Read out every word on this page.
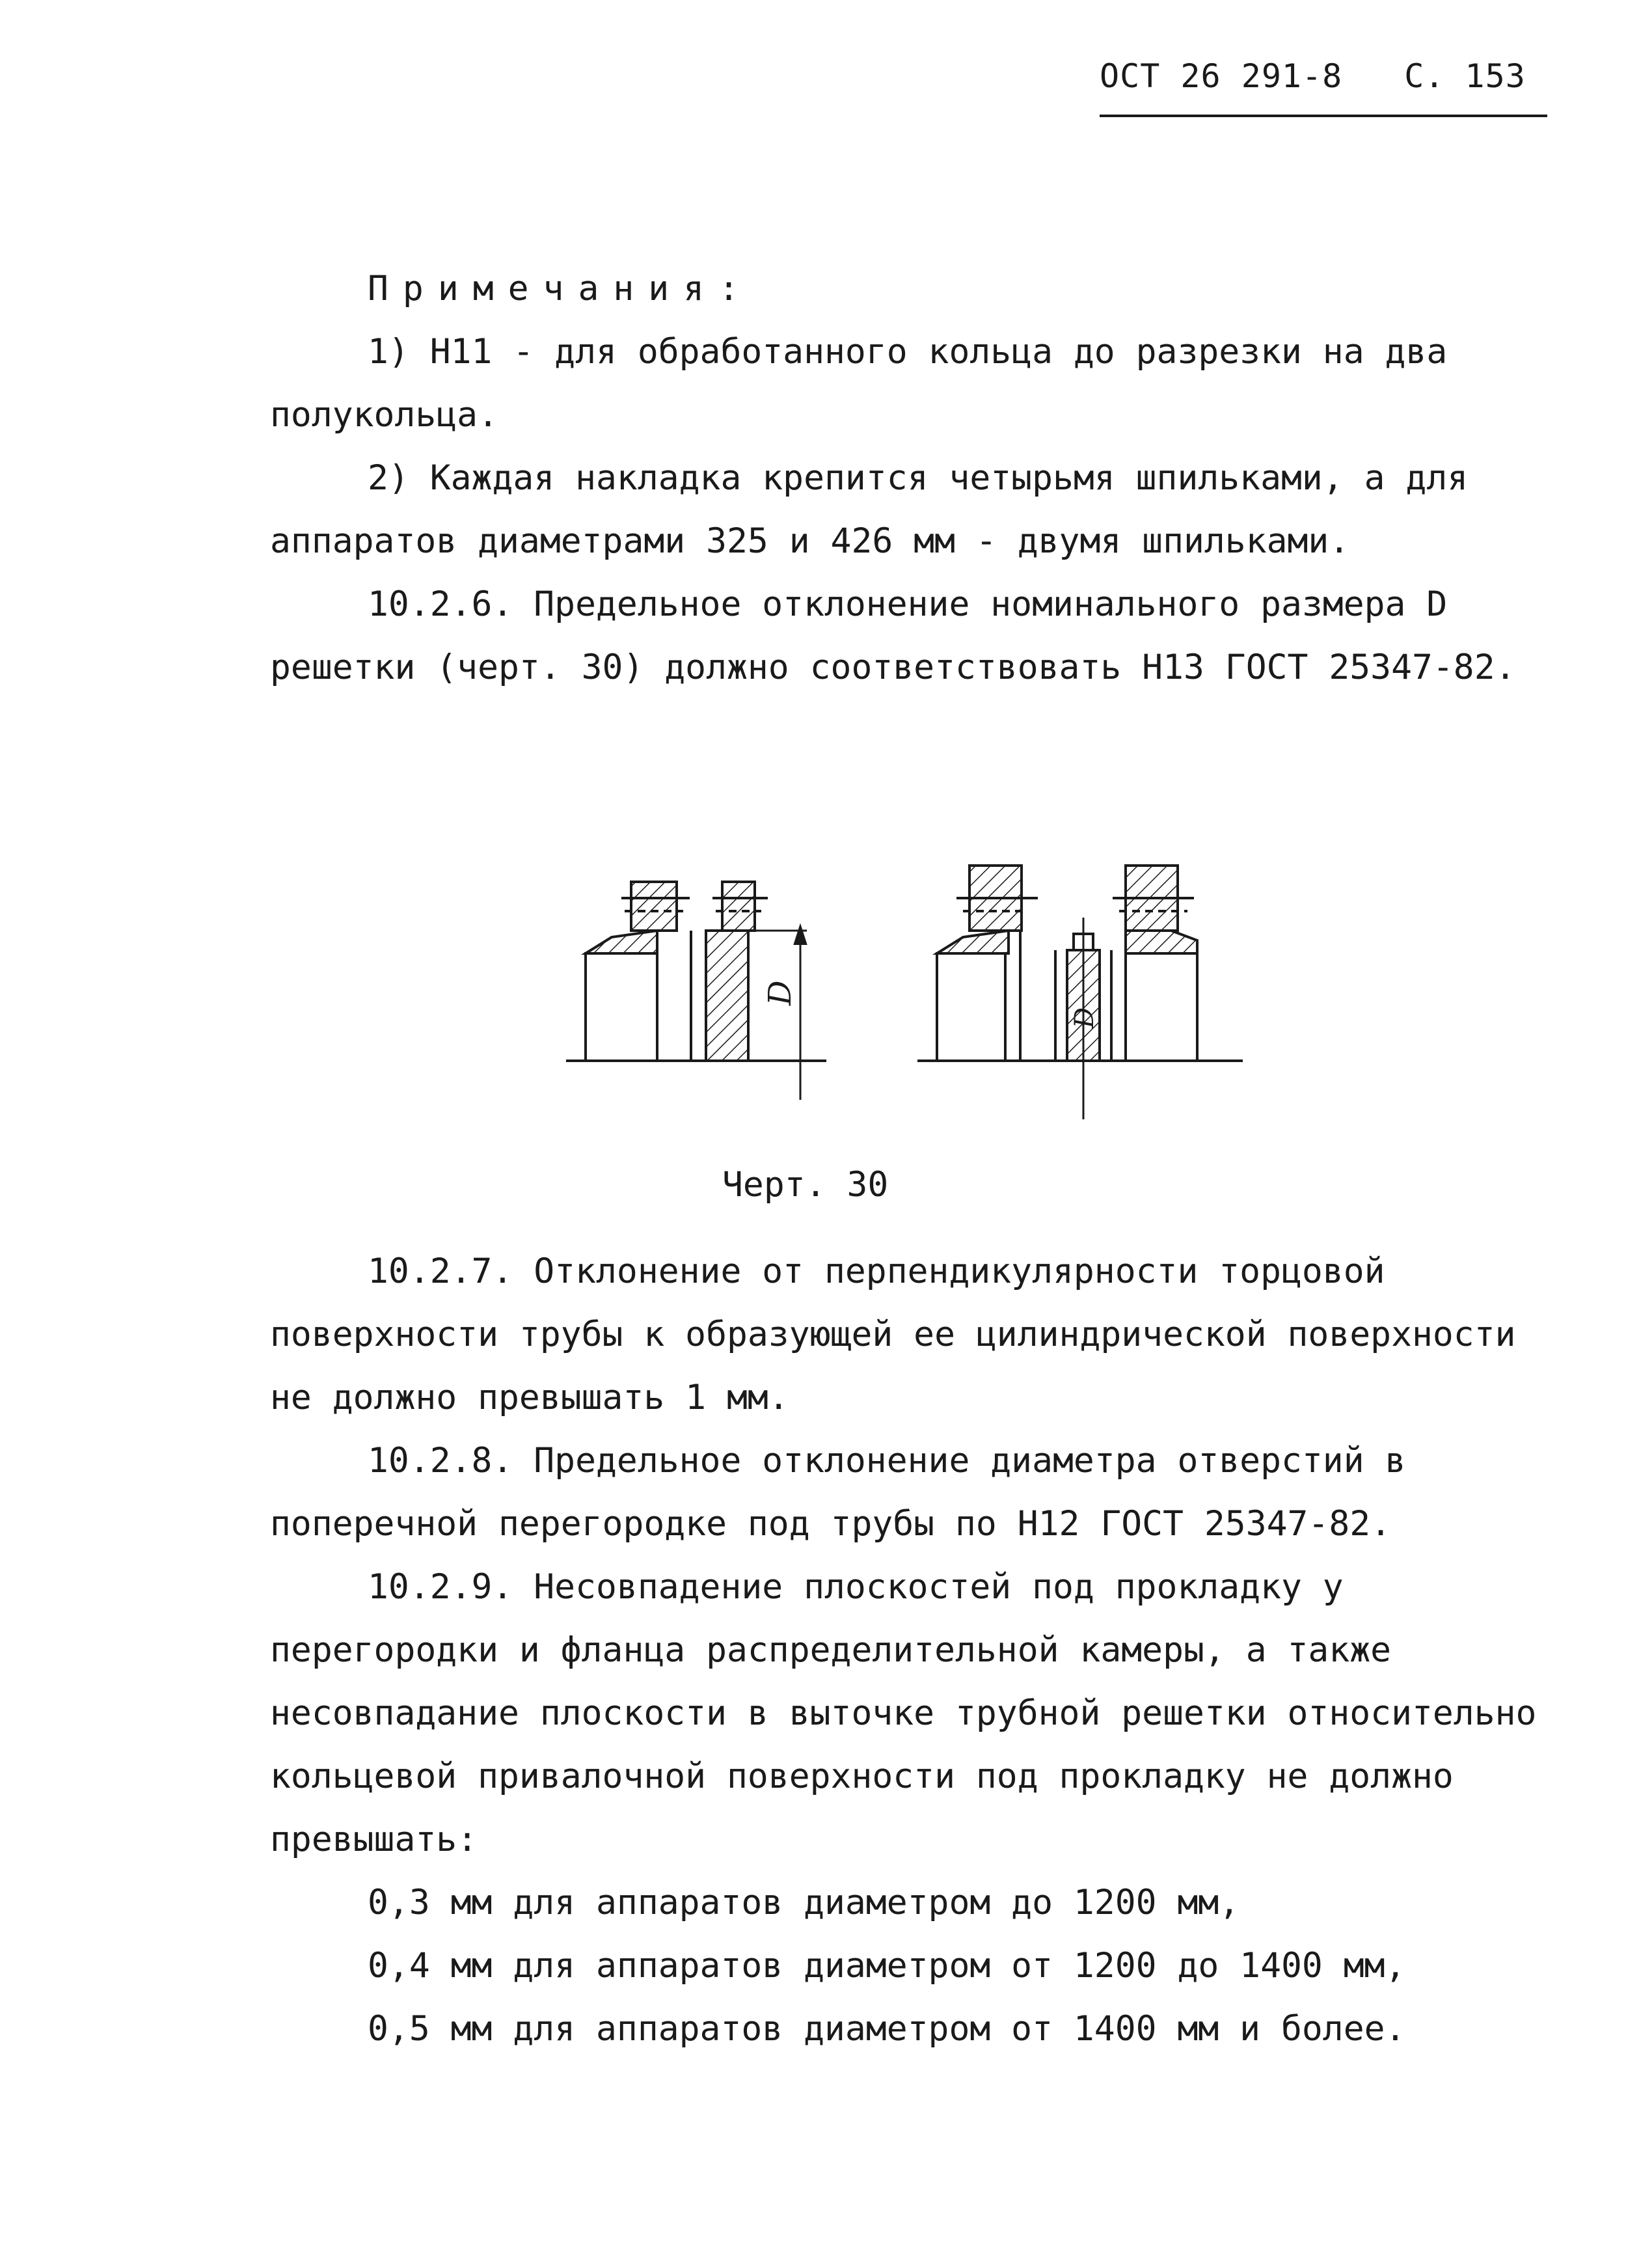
ОСТ 26 291-8 С. 153

Примечания:

1) Н11 - для обработанного кольца до разрезки на два полукольца.

2) Каждая накладка крепится четырьмя шпильками, а для аппаратов диаметрами 325 и 426 мм - двумя шпильками.

10.2.6. Предельное отклонение номинального размера D решетки (черт. 30) должно соответствовать Н13 ГОСТ 25347-82.

D
D
Черт. 30

10.2.7. Отклонение от перпендикулярности торцовой поверхности трубы к образующей ее цилиндрической поверхности не должно превышать 1 мм.

10.2.8. Предельное отклонение диаметра отверстий в поперечной перегородке под трубы по Н12 ГОСТ 25347-82.

10.2.9. Несовпадение плоскостей под прокладку у перегородки и фланца распределительной камеры, а также несовпадание плоскости в выточке трубной решетки относительно кольцевой привалочной поверхности под прокладку не должно превышать:

0,3 мм для аппаратов диаметром до 1200 мм,

0,4 мм для аппаратов диаметром от 1200 до 1400 мм,

0,5 мм для аппаратов диаметром от 1400 мм и более.
